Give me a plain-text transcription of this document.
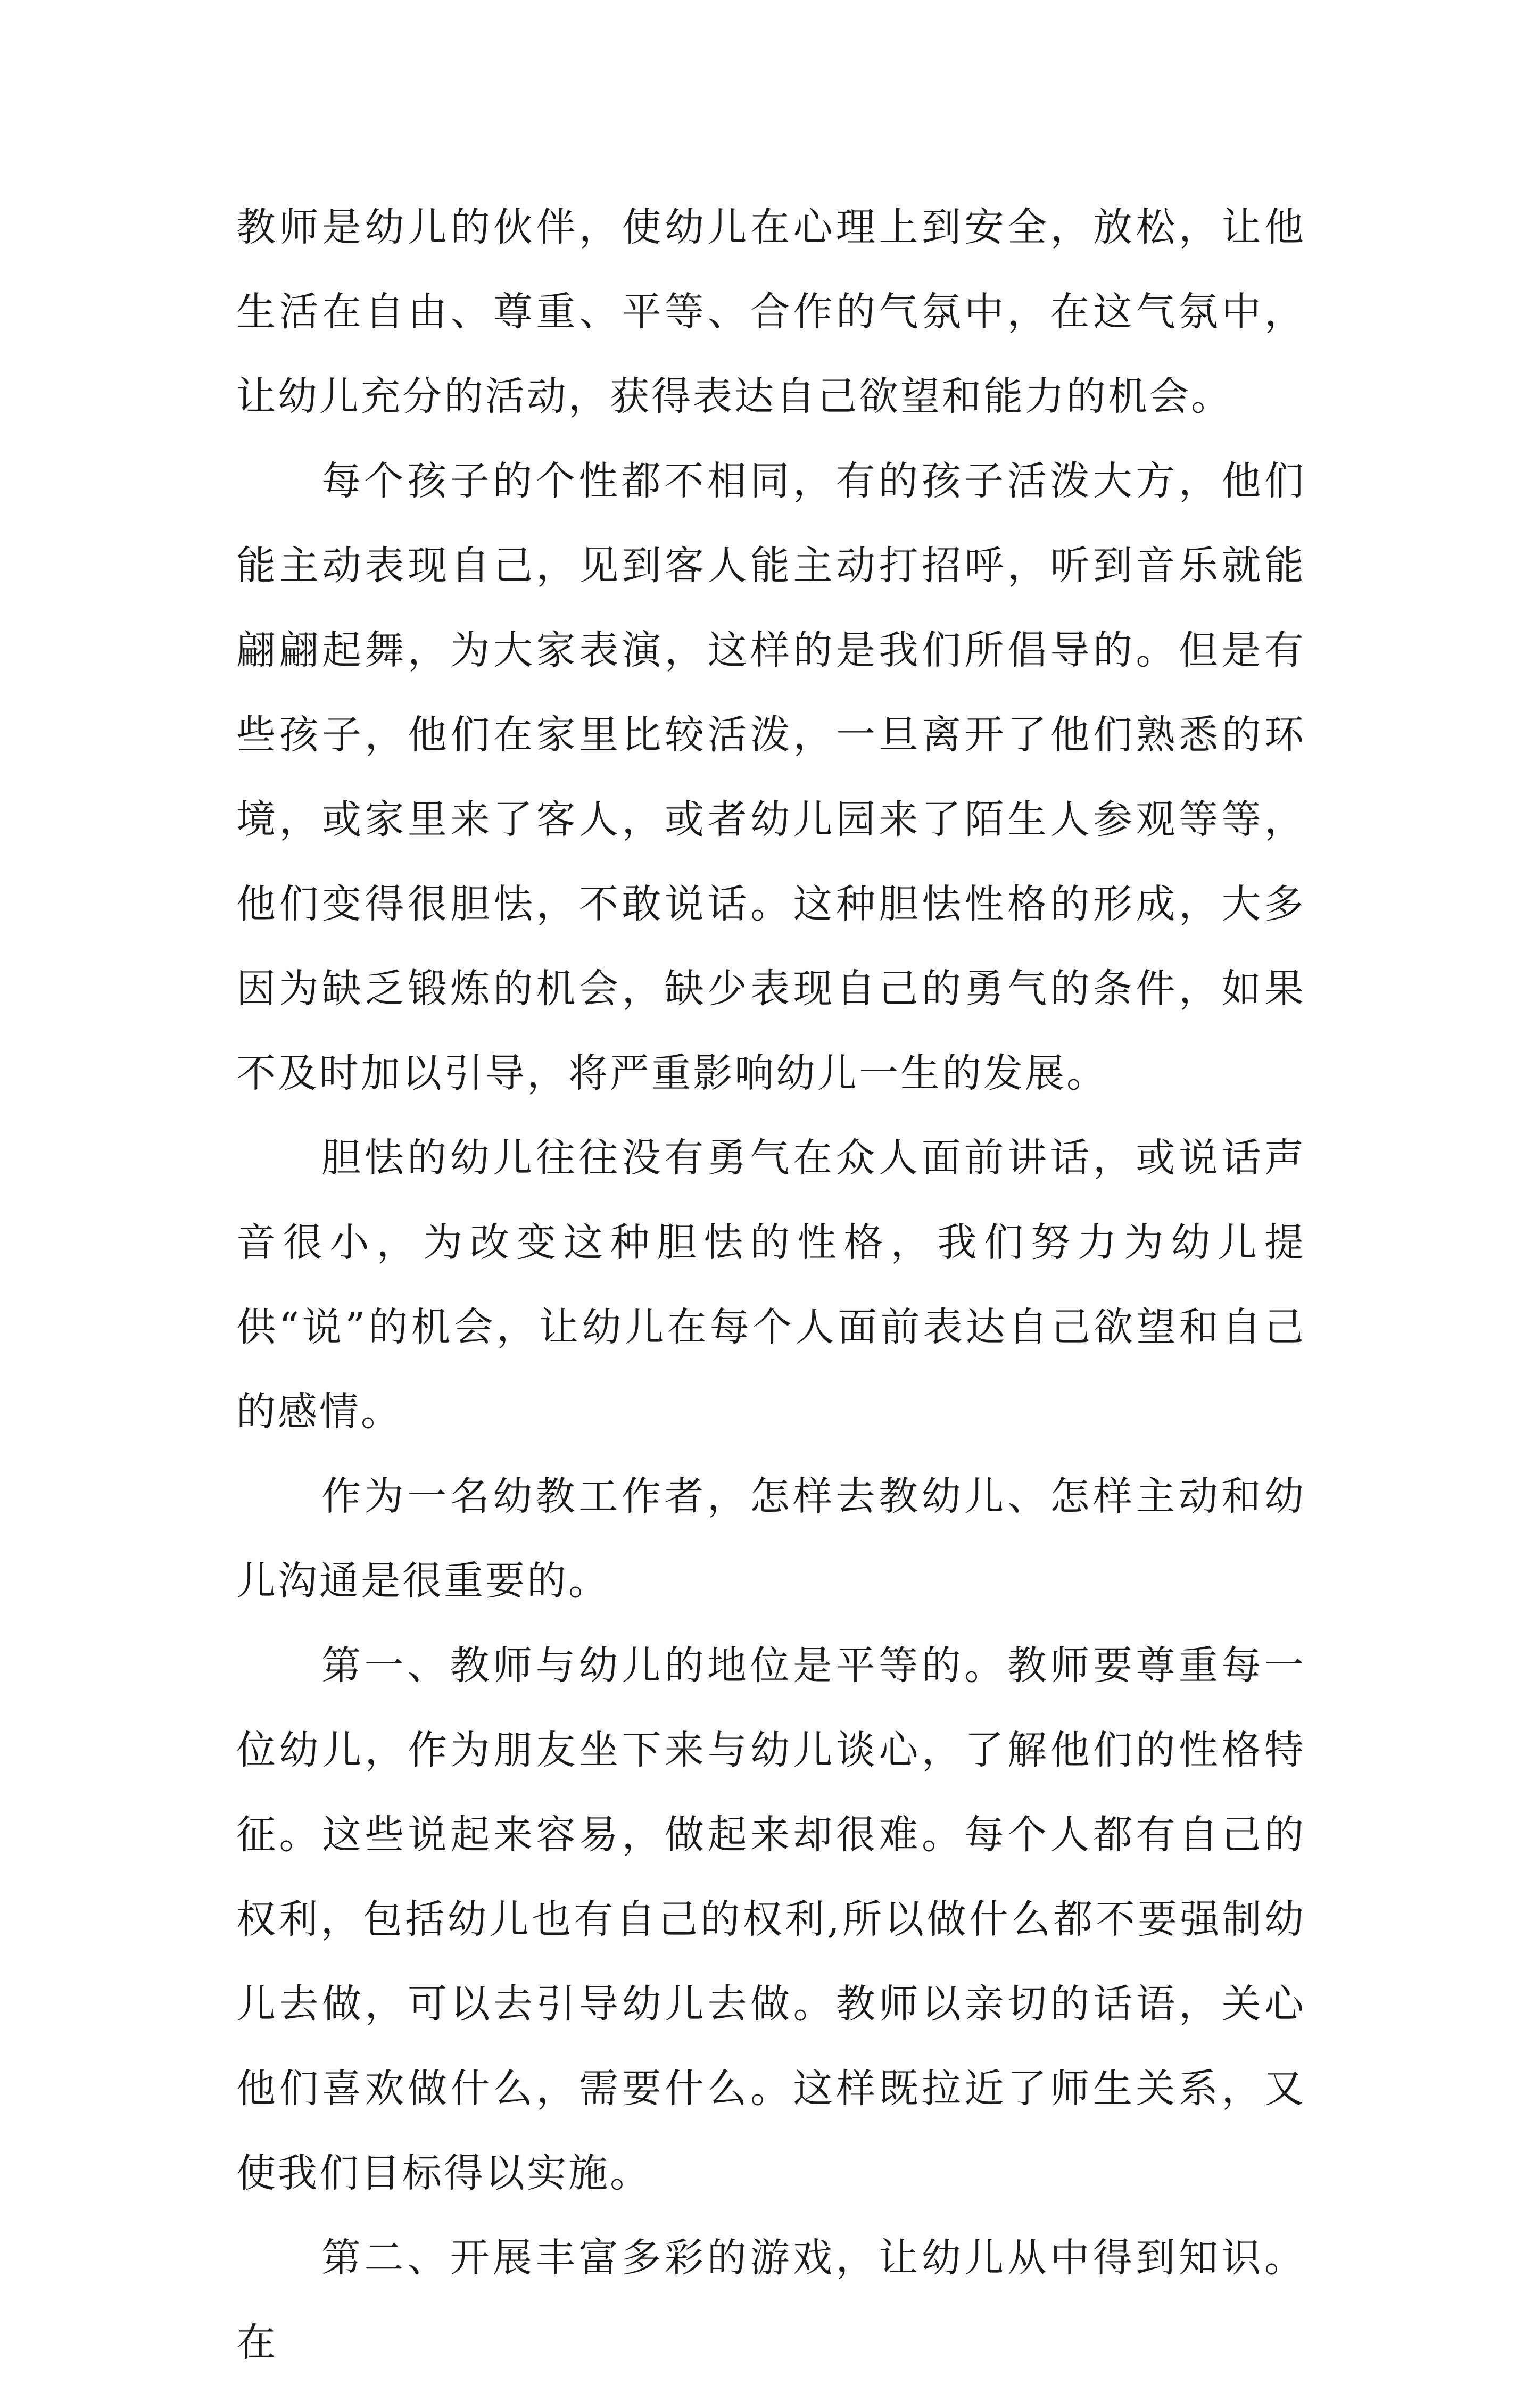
教师是幼儿的伙伴，使幼儿在心理上到安全，放松，让他生活在自由、尊重、平等、合作的气氛中，在这气氛中，让幼儿充分的活动，获得表达自己欲望和能力的机会。

每个孩子的个性都不相同，有的孩子活泼大方，他们能主动表现自己，见到客人能主动打招呼，听到音乐就能翩翩起舞，为大家表演，这样的是我们所倡导的。但是有些孩子，他们在家里比较活泼，一旦离开了他们熟悉的环境，或家里来了客人，或者幼儿园来了陌生人参观等等，他们变得很胆怯，不敢说话。这种胆怯性格的形成，大多因为缺乏锻炼的机会，缺少表现自己的勇气的条件，如果不及时加以引导，将严重影响幼儿一生的发展。

胆怯的幼儿往往没有勇气在众人面前讲话，或说话声音很小，为改变这种胆怯的性格，我们努力为幼儿提供“说”的机会，让幼儿在每个人面前表达自己欲望和自己的感情。

作为一名幼教工作者，怎样去教幼儿、怎样主动和幼儿沟通是很重要的。

第一、教师与幼儿的地位是平等的。教师要尊重每一位幼儿，作为朋友坐下来与幼儿谈心，了解他们的性格特征。这些说起来容易，做起来却很难。每个人都有自己的权利，包括幼儿也有自己的权利,所以做什么都不要强制幼儿去做，可以去引导幼儿去做。教师以亲切的话语，关心他们喜欢做什么，需要什么。这样既拉近了师生关系，又使我们目标得以实施。

第二、开展丰富多彩的游戏，让幼儿从中得到知识。在
